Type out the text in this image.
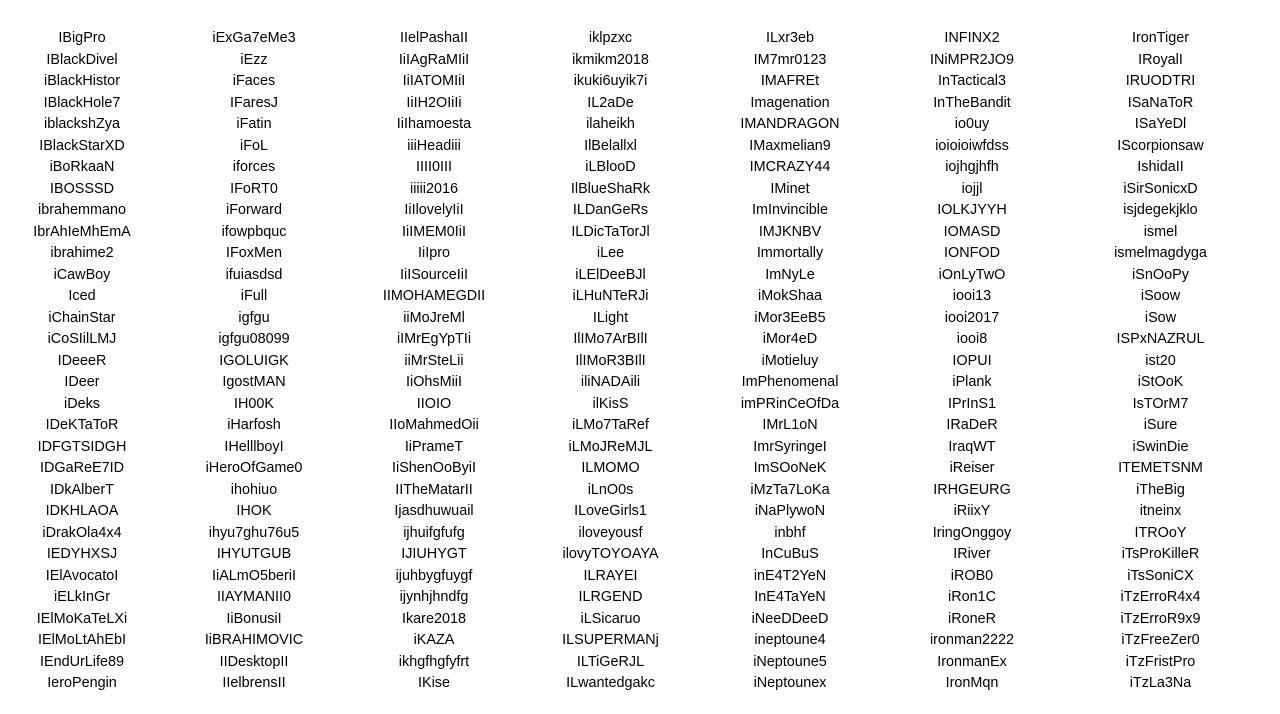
IBigPro
IBlackDivel
iBlackHistor
IBlackHole7
iblackshZya
IBlackStarXD
iBoRkaaN
IBOSSSD
ibrahemmano
IbrAhIeMhEmA
ibrahime2
iCawBoy
Iced
iChainStar
iCoSIilLMJ
IDeeeR
IDeer
iDeks
IDeKTaToR
IDFGTSIDGH
IDGaReE7ID
IDkAlberT
IDKHLAOA
iDrakOla4x4
IEDYHXSJ
IElAvocatoI
iELkInGr
IElMoKaTeLXi
IElMoLtAhEbI
IEndUrLife89
IeroPengin
iExGa7eMe3
iEzz
iFaces
IFaresJ
iFatin
iFoL
iforces
IFoRT0
iForward
ifowpbquc
IFoxMen
ifuiasdsd
iFull
igfgu
igfgu08099
IGOLUIGK
IgostMAN
IH00K
iHarfosh
IHelllboyI
iHeroOfGame0
ihohiuo
IHOK
ihyu7ghu76u5
IHYUTGUB
IiALmO5beriI
IIAYMANII0
IiBonusiI
IiBRAHIMOVIC
IIDesktopII
IIelbrensII
IIelPashaII
IiIAgRaMIiI
IiIATOMIiI
IiIH2OIiIi
IiIhamoesta
iiiHeadiii
IIII0III
iiiii2016
IiIlovelyIiI
IiIMEM0IiI
IiIpro
IiISourceIiI
IIMOHAMEGDII
iiMoJreMl
iIMrEgYpTIi
iiMrSteLii
IiOhsMiiI
IIOIO
IIoMahmedOii
IiPrameT
IiShenOoByiI
IITheMatarII
Ijasdhuwuail
ijhuifgfufg
IJIUHYGT
ijuhbygfuygf
ijynhjhndfg
Ikare2018
iKAZA
ikhgfhgfyfrt
IKise
iklpzxc
ikmikm2018
ikuki6uyik7i
IL2aDe
ilaheikh
IlBelallxl
iLBlooD
IlBlueShaRk
ILDanGeRs
ILDicTaTorJl
iLee
iLElDeeBJl
iLHuNTeRJi
ILight
IlIMo7ArBIlI
IlIMoR3BIlI
iliNADAili
ilKisS
iLMo7TaRef
iLMoJReMJL
ILMOMO
iLnO0s
ILoveGirls1
iloveyousf
ilovyTOYOAYA
ILRAYEI
ILRGEND
iLSicaruo
ILSUPERMANj
ILTiGeRJL
ILwantedgakc
ILxr3eb
IM7mr0123
IMAFREt
Imagenation
IMANDRAGON
IMaxmelian9
IMCRAZY44
IMinet
ImInvincible
IMJKNBV
Immortally
ImNyLe
iMokShaa
iMor3EeB5
iMor4eD
iMotieluy
ImPhenomenal
imPRinCeOfDa
IMrL1oN
ImrSyringeI
ImSOoNeK
iMzTa7LoKa
iNaPlywoN
inbhf
InCuBuS
inE4T2YeN
InE4TaYeN
iNeeDDeeD
ineptoune4
iNeptoune5
iNeptounex
INFINX2
INiMPR2JO9
InTactical3
InTheBandit
io0uy
ioioioiwfdss
iojhgjhfh
iojjl
IOLKJYYH
IOMASD
IONFOD
iOnLyTwO
iooi13
iooi2017
iooi8
IOPUI
iPlank
IPrInS1
IRaDeR
IraqWT
iReiser
IRHGEURG
iRiixY
IringOnggoy
IRiver
iROB0
iRon1C
iRoneR
ironman2222
IronmanEx
IronMqn
IronTiger
IRoyalI
IRUODTRI
ISaNaToR
ISaYeDl
IScorpionsaw
IshidaII
iSirSonicxD
isjdegekjklo
ismel
ismelmagdyga
iSnOoPy
iSoow
iSow
ISPxNAZRUL
ist20
iStOoK
IsTOrM7
iSure
iSwinDie
ITEMETSNM
iTheBig
itneinx
ITROoY
iTsProKilleR
iTsSoniCX
iTzErroR4x4
iTzErroR9x9
iTzFreeZer0
iTzFristPro
iTzLa3Na
